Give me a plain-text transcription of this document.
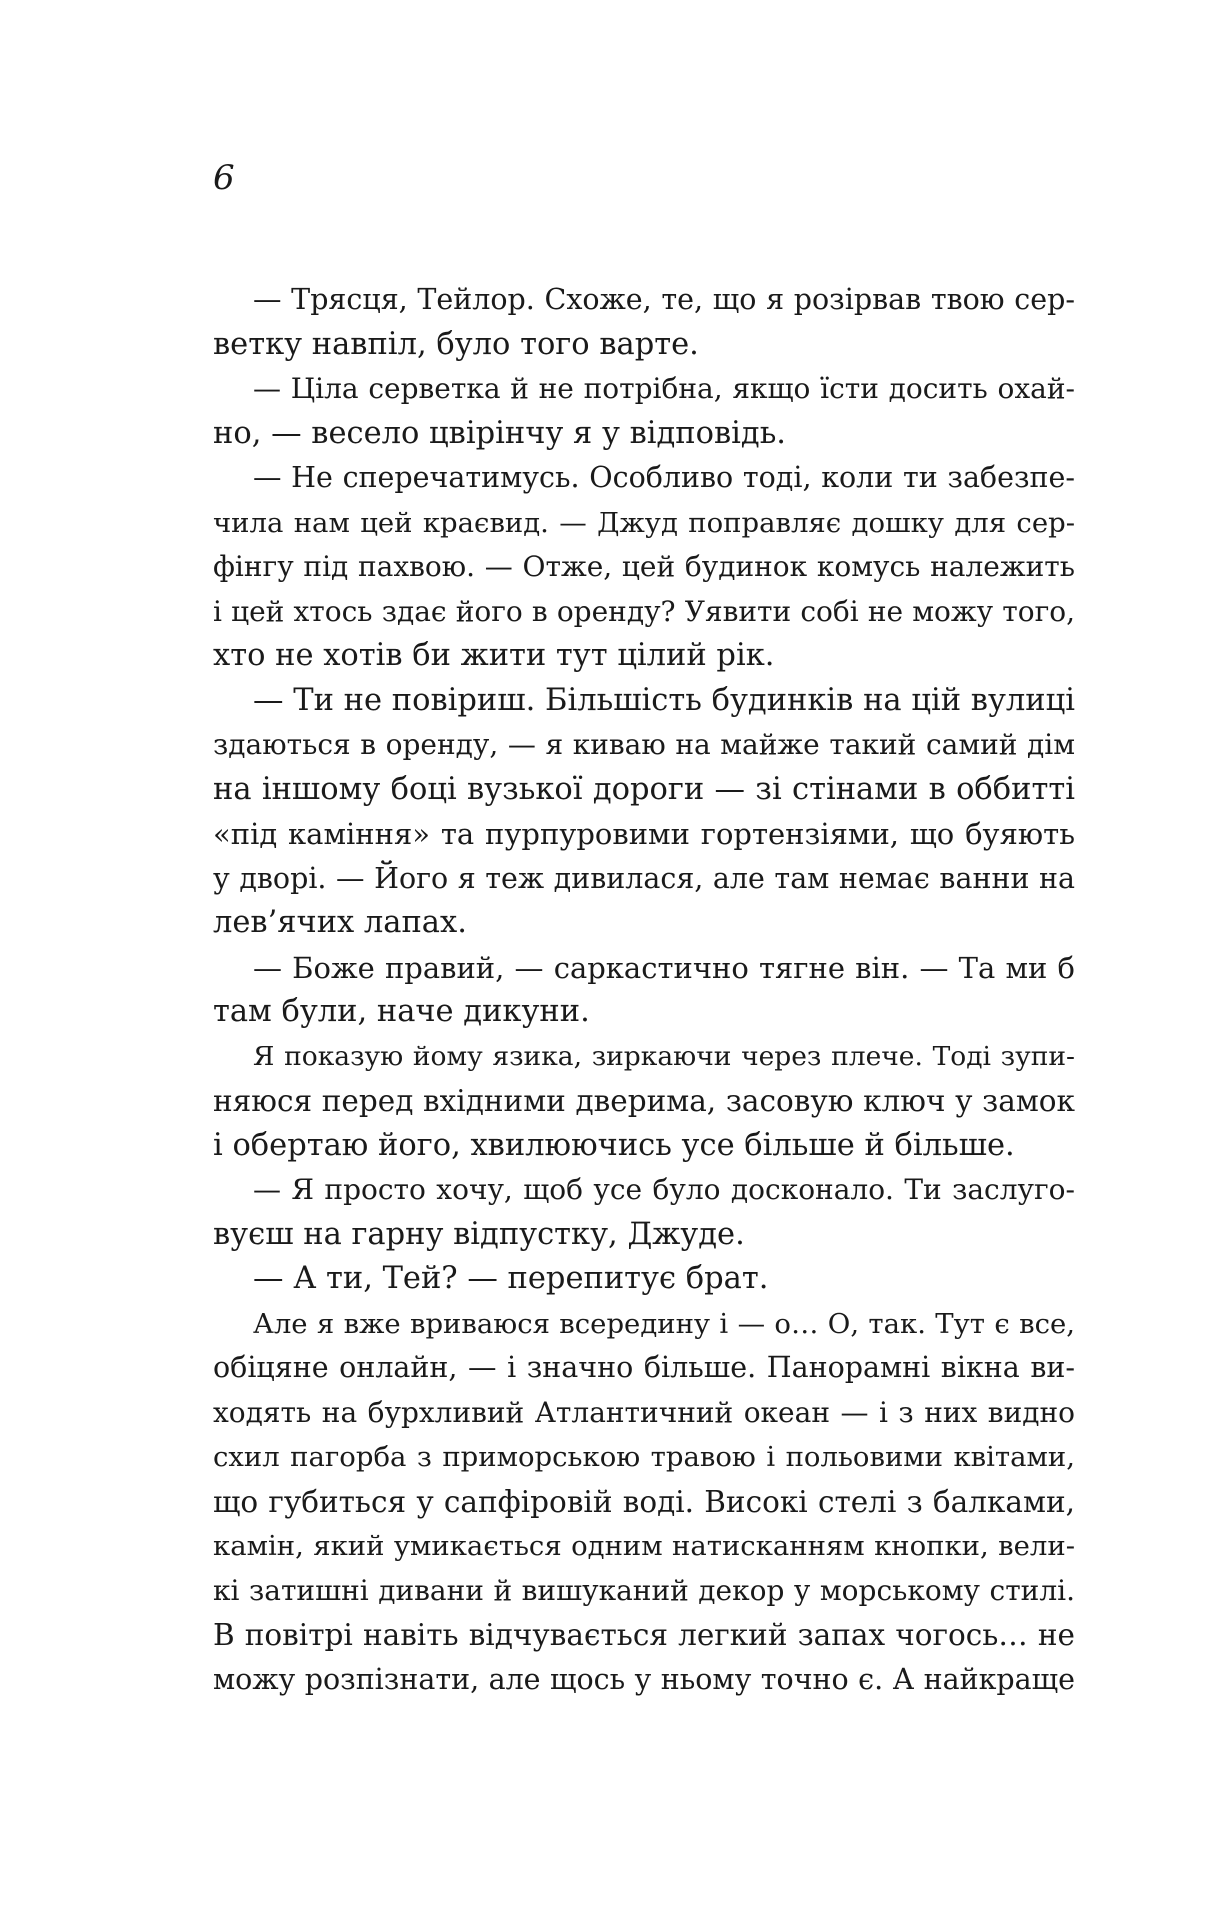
6
— Трясця, Тейлор. Схоже, те, що я розірвав твою сер-
ветку навпіл, було того варте.
— Ціла серветка й не потрібна, якщо їсти досить охай-
но, — весело цвірінчу я у відповідь.
— Не сперечатимусь. Особливо тоді, коли ти забезпе-
чила нам цей краєвид. — Джуд поправляє дошку для сер-
фінгу під пахвою. — Отже, цей будинок комусь належить
і цей хтось здає його в оренду? Уявити собі не можу того,
хто не хотів би жити тут цілий рік.
— Ти не повіриш. Більшість будинків на цій вулиці
здаються в оренду, — я киваю на майже такий самий дім
на іншому боці вузької дороги — зі стінами в оббитті
«під каміння» та пурпуровими гортензіями, що буяють
у дворі. — Його я теж дивилася, але там немає ванни на
лев’ячих лапах.
— Боже правий, — саркастично тягне він. — Та ми б
там були, наче дикуни.
Я показую йому язика, зиркаючи через плече. Тоді зупи-
няюся перед вхідними дверима, засовую ключ у замок
і обертаю його, хвилюючись усе більше й більше.
— Я просто хочу, щоб усе було досконало. Ти заслуго-
вуєш на гарну відпустку, Джуде.
— А ти, Тей? — перепитує брат.
Але я вже вриваюся всередину і — о… О, так. Тут є все,
обіцяне онлайн, — і значно більше. Панорамні вікна ви-
ходять на бурхливий Атлантичний океан — і з них видно
схил пагорба з приморською травою і польовими квітами,
що губиться у сапфіровій воді. Високі стелі з балками,
камін, який умикається одним натисканням кнопки, вели-
кі затишні дивани й вишуканий декор у морському стилі.
В повітрі навіть відчувається легкий запах чогось… не
можу розпізнати, але щось у ньому точно є. А найкраще
